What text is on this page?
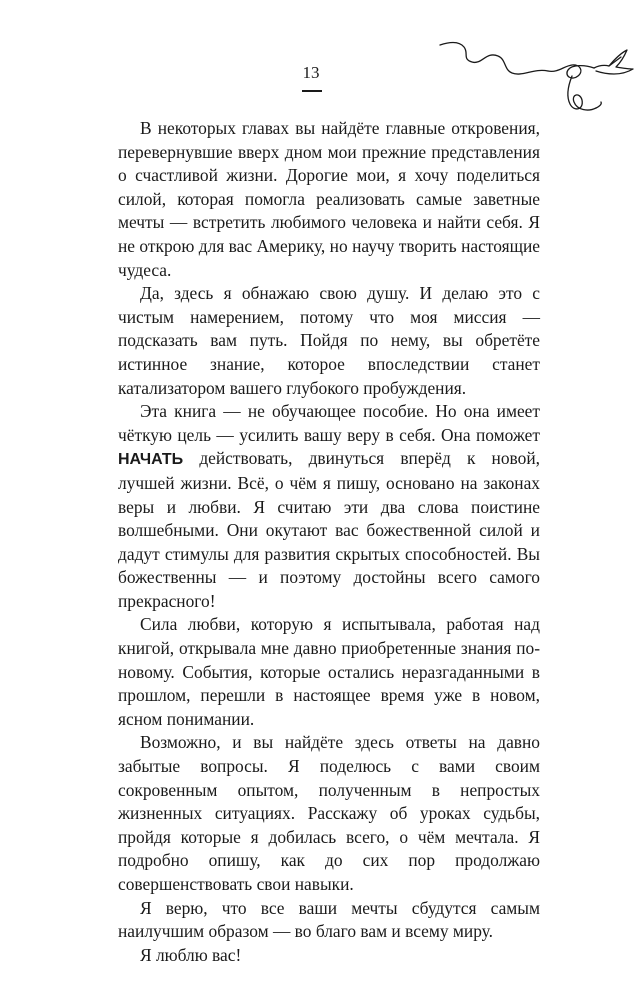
13

В некоторых главах вы найдёте главные откровения, перевернувшие вверх дном мои прежние представления о счастливой жизни. Дорогие мои, я хочу поделиться силой, которая помогла реализовать самые заветные мечты — встретить любимого человека и найти себя. Я не открою для вас Америку, но научу творить настоящие чудеса.

Да, здесь я обнажаю свою душу. И делаю это с чистым намерением, потому что моя миссия — подсказать вам путь. Пойдя по нему, вы обретёте истинное знание, которое впоследствии станет катализатором вашего глубокого пробуждения.

Эта книга — не обучающее пособие. Но она имеет чёткую цель — усилить вашу веру в себя. Она поможет НАЧАТЬ действовать, двинуться вперёд к новой, лучшей жизни. Всё, о чём я пишу, основано на законах веры и любви. Я считаю эти два слова поистине волшебными. Они окутают вас божественной силой и дадут стимулы для развития скрытых способностей. Вы божественны — и поэтому достойны всего самого прекрасного!

Сила любви, которую я испытывала, работая над книгой, открывала мне давно приобретенные знания по-новому. События, которые остались неразгаданными в прошлом, перешли в настоящее время уже в новом, ясном понимании.

Возможно, и вы найдёте здесь ответы на давно забытые вопросы. Я поделюсь с вами своим сокровенным опытом, полученным в непростых жизненных ситуациях. Расскажу об уроках судьбы, пройдя которые я добилась всего, о чём мечтала. Я подробно опишу, как до сих пор продолжаю совершенствовать свои навыки.

Я верю, что все ваши мечты сбудутся самым наилучшим образом — во благо вам и всему миру.

Я люблю вас!
